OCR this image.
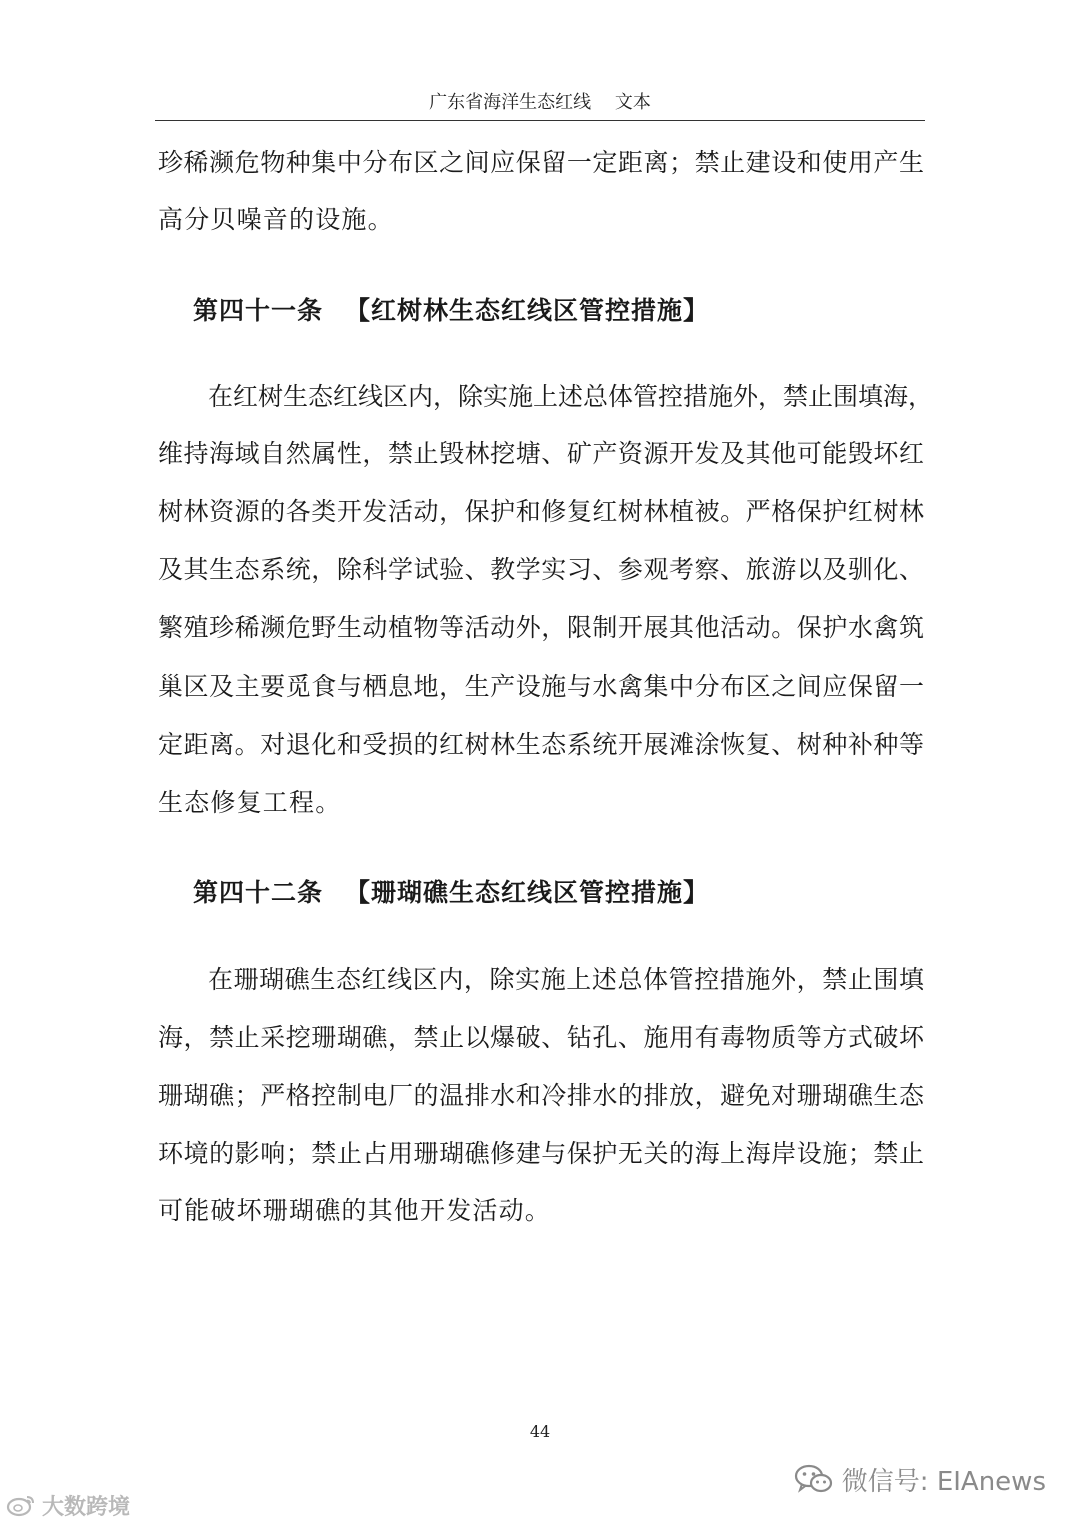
广东省海洋生态红线　 文本
珍稀濒危物种集中分布区之间应保留一定距离；禁止建设和使用产生
高分贝噪音的设施。
第四十一条 【红树林生态红线区管控措施】
在红树生态红线区内，除实施上述总体管控措施外，禁止围填海，
维持海域自然属性，禁止毁林挖塘、矿产资源开发及其他可能毁坏红
树林资源的各类开发活动，保护和修复红树林植被。严格保护红树林
及其生态系统，除科学试验、教学实习、参观考察、旅游以及驯化、
繁殖珍稀濒危野生动植物等活动外，限制开展其他活动。保护水禽筑
巢区及主要觅食与栖息地，生产设施与水禽集中分布区之间应保留一
定距离。对退化和受损的红树林生态系统开展滩涂恢复、树种补种等
生态修复工程。
第四十二条 【珊瑚礁生态红线区管控措施】
在珊瑚礁生态红线区内，除实施上述总体管控措施外，禁止围填
海，禁止采挖珊瑚礁，禁止以爆破、钻孔、施用有毒物质等方式破坏
珊瑚礁；严格控制电厂的温排水和冷排水的排放，避免对珊瑚礁生态
环境的影响；禁止占用珊瑚礁修建与保护无关的海上海岸设施；禁止
可能破坏珊瑚礁的其他开发活动。
44
微信号: EIAnews
大数跨境
